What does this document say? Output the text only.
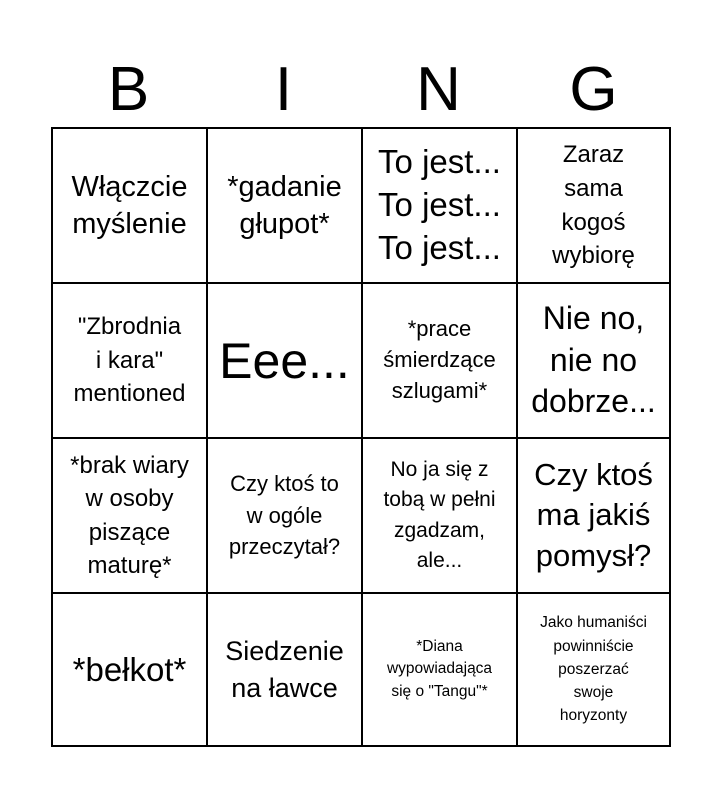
B	I	N	G
Włączcie
myślenie
*gadanie
głupot*
To jest...
To jest...
To jest...
Zaraz
sama
kogoś
wybiorę
"Zbrodnia
i kara"
mentioned
Eee...
*prace
śmierdzące
szlugami*
Nie no,
nie no
dobrze...
*brak wiary
w osoby
piszące
maturę*
Czy ktoś to
w ogóle
przeczytał?
No ja się z
tobą w pełni
zgadzam,
ale...
Czy ktoś
ma jakiś
pomysł?
*bełkot* Siedzenie
na ławce
*Diana
wypowiadająca
się o "Tangu"*
Jako humaniści
powinniście
poszerzać
swoje
horyzonty
